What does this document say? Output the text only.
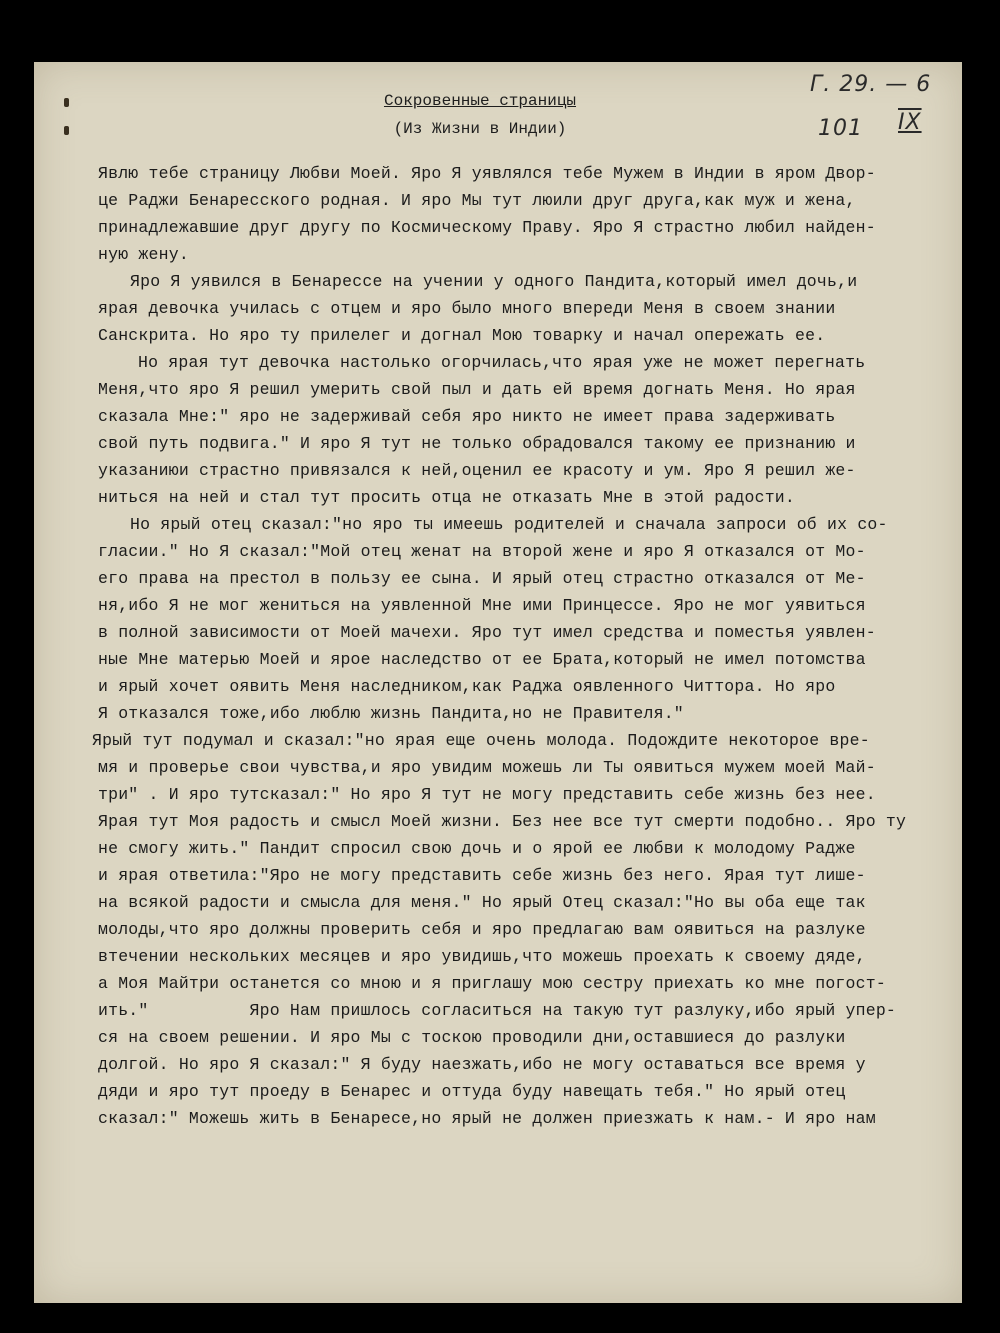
Г. 29. — 6
IX
101
Сокровенные страницы
(Из Жизни в Индии)
Явлю тебе страницу Любви Моей. Яро Я уявлялся тебе Мужем в Индии в яром Двор-
це Раджи Бенаресского родная. И яро Мы тут люили друг друга,как муж и жена,
принадлежавшие друг другу по Космическому Праву. Яро Я страстно любил найден-
ную жену.
Яро Я уявился в Бенарессе на учении у одного Пандита,который имел дочь,и
ярая девочка училась с отцем и яро было много впереди Меня в своем знании
Санскрита. Но яро ту прилелег и догнал Мою товарку и начал опережать ее.
Но ярая тут девочка настолько огорчилась,что ярая уже не может перегнать
Меня,что яро Я решил умерить свой пыл и дать ей время догнать Меня. Но ярая
сказала Мне:" яро не задерживай себя яро никто не имеет права задерживать
свой путь подвига." И яро Я тут не только обрадовался такому ее признанию и
указаниюи страстно привязался к ней,оценил ее красоту и ум. Яро Я решил же-
ниться на ней и стал тут просить отца не отказать Мне в этой радости.
Но ярый отец сказал:"но яро ты имеешь родителей и сначала запроси об их со-
гласии." Но Я сказал:"Мой отец женат на второй жене и яро Я отказался от Мо-
его права на престол в пользу ее сына. И ярый отец страстно отказался от Ме-
ня,ибо Я не мог жениться на уявленной Мне ими Принцессе. Яро не мог уявиться
в полной зависимости от Моей мачехи. Яро тут имел средства и поместья уявлен-
ные Мне матерью Моей и ярое наследство от ее Брата,который не имел потомства
и ярый хочет оявить Меня наследником,как Раджа оявленного Читтора. Но яро
Я отказался тоже,ибо люблю жизнь Пандита,но не Правителя."
Ярый тут подумал и сказал:"но ярая еще очень молода. Подождите некоторое вре-
мя и проверье свои чувства,и яро увидим можешь ли Ты оявиться мужем моей Май-
три" . И яро тутсказал:" Но яро Я тут не могу представить себе жизнь без нее.
Ярая тут Моя радость и смысл Моей жизни. Без нее все тут смерти подобно.. Яро ту
не смогу жить." Пандит спросил свою дочь и о ярой ее любви к молодому Радже
и ярая ответила:"Яро не могу представить себе жизнь без него. Ярая тут лише-
на всякой радости и смысла для меня." Но ярый Отец сказал:"Но вы оба еще так
молоды,что яро должны проверить себя и яро предлагаю вам оявиться на разлуке
втечении нескольких месяцев и яро увидишь,что можешь проехать к своему дяде,
а Моя Майтри останется со мною и я приглашу мою сестру приехать ко мне погост-
ить."          Яро Нам пришлось согласиться на такую тут разлуку,ибо ярый упер-
ся на своем решении. И яро Мы с тоскою проводили дни,оставшиеся до разлуки
долгой. Но яро Я сказал:" Я буду наезжать,ибо не могу оставаться все время у
дяди и яро тут проеду в Бенарес и оттуда буду навещать тебя." Но ярый отец
сказал:" Можешь жить в Бенаресе,но ярый не должен приезжать к нам.- И яро нам
